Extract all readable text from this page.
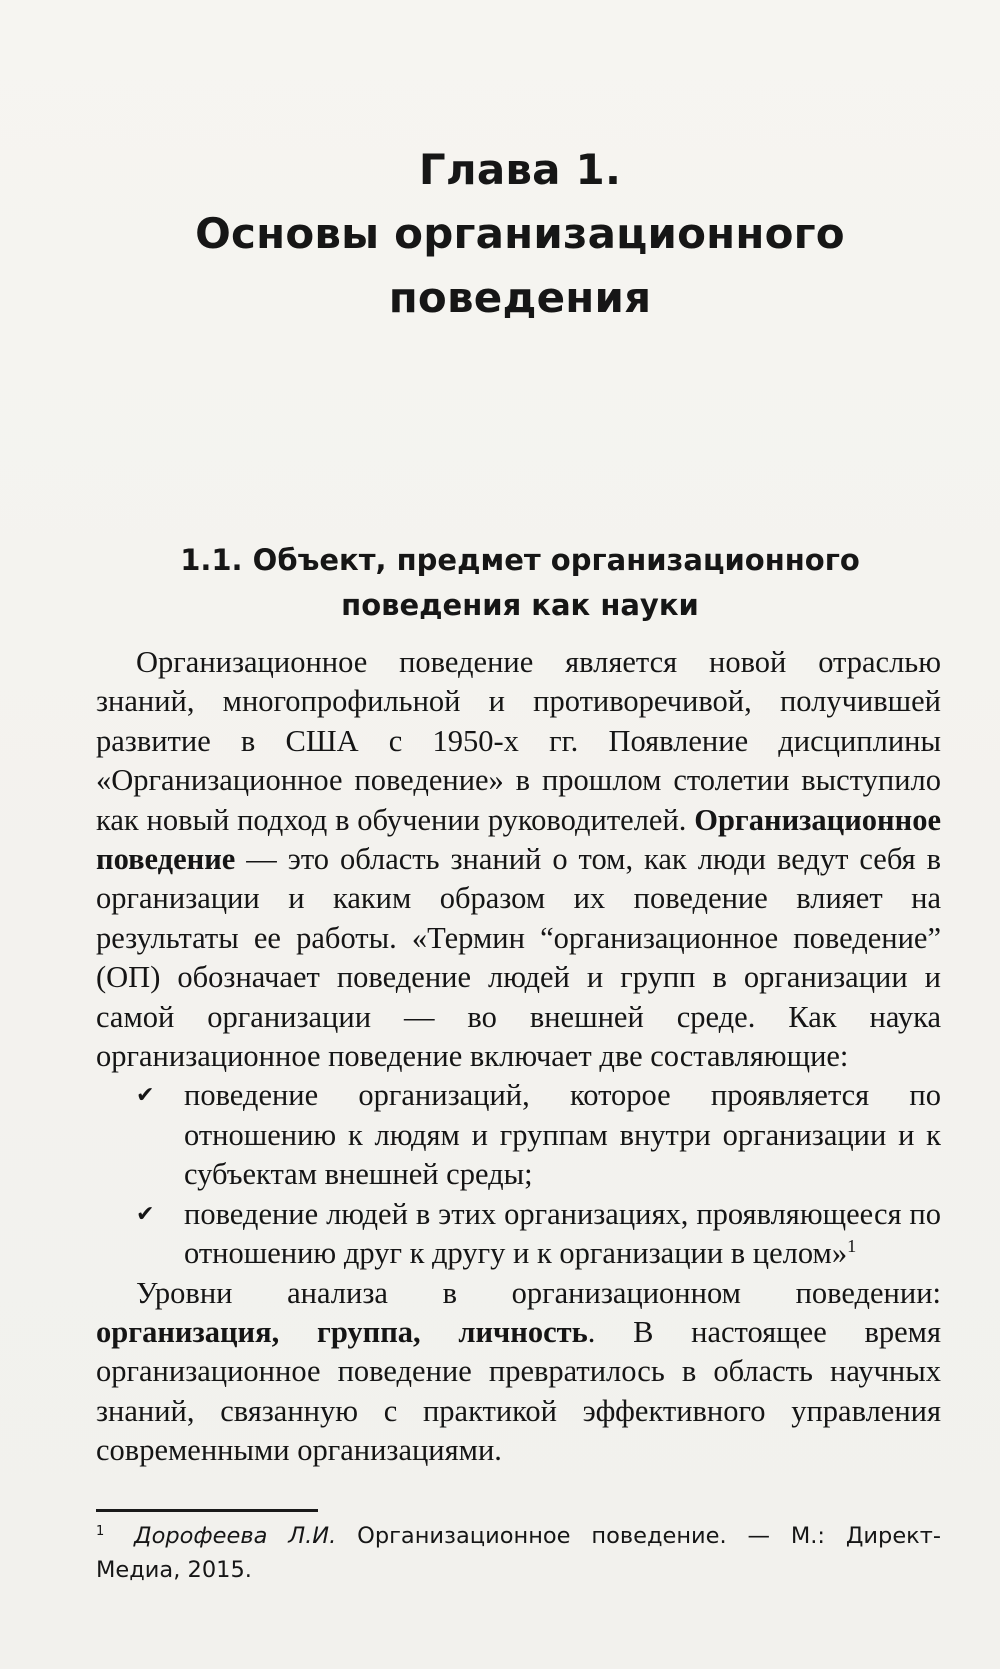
Глава 1.
Основы организационного
поведения
1.1. Объект, предмет организационного
поведения как науки

Организационное поведение является новой отраслью знаний, многопрофильной и противоречивой, получившей развитие в США с 1950-х гг. Появление дисциплины «Организационное поведение» в прошлом столетии выступило как новый подход в обучении руководителей. Организационное поведение — это область знаний о том, как люди ведут себя в организации и каким образом их поведение влияет на результаты ее работы. «Термин “организационное поведение” (ОП) обозначает поведение людей и групп в организации и самой организации — во внешней среде. Как наука организационное поведение включает две составляющие:

✔ поведение организаций, которое проявляется по отношению к людям и группам внутри организации и к субъектам внешней среды;
✔ поведение людей в этих организациях, проявляющееся по отношению друг к другу и к организации в целом»$^1$

Уровни анализа в организационном поведении: организация, группа, личность. В настоящее время организационное поведение превратилось в область научных знаний, связанную с практикой эффективного управления современными организациями.

1 Дорофеева Л.И. Организационное поведение. — М.: Директ-Медиа, 2015.
